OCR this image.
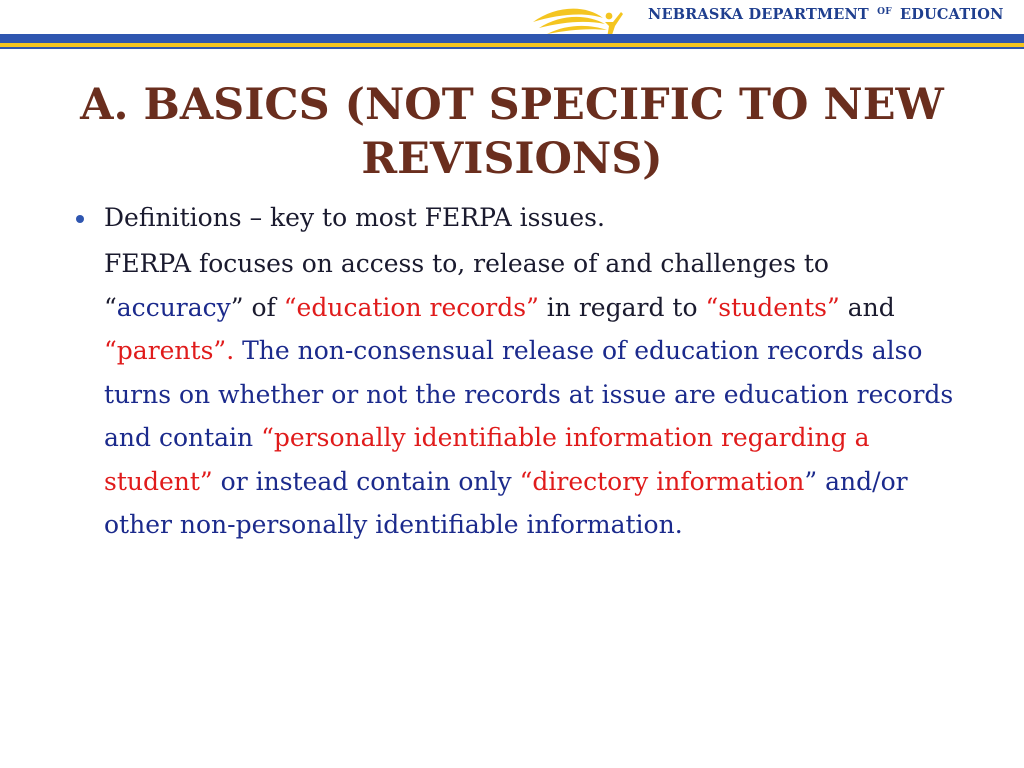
NEBRASKA DEPARTMENT $^{OF}$ EDUCATION
A. BASICS (NOT SPECIFIC TO NEW REVISIONS)

Definitions – key to most FERPA issues.

FERPA focuses on access to, release of and challenges to “accuracy” of “education records” in regard to “students” and “parents”. The non-consensual release of education records also turns on whether or not the records at issue are education records and contain “personally identifiable information regarding a student” or instead contain only “directory information” and/or other non-personally identifiable information.
